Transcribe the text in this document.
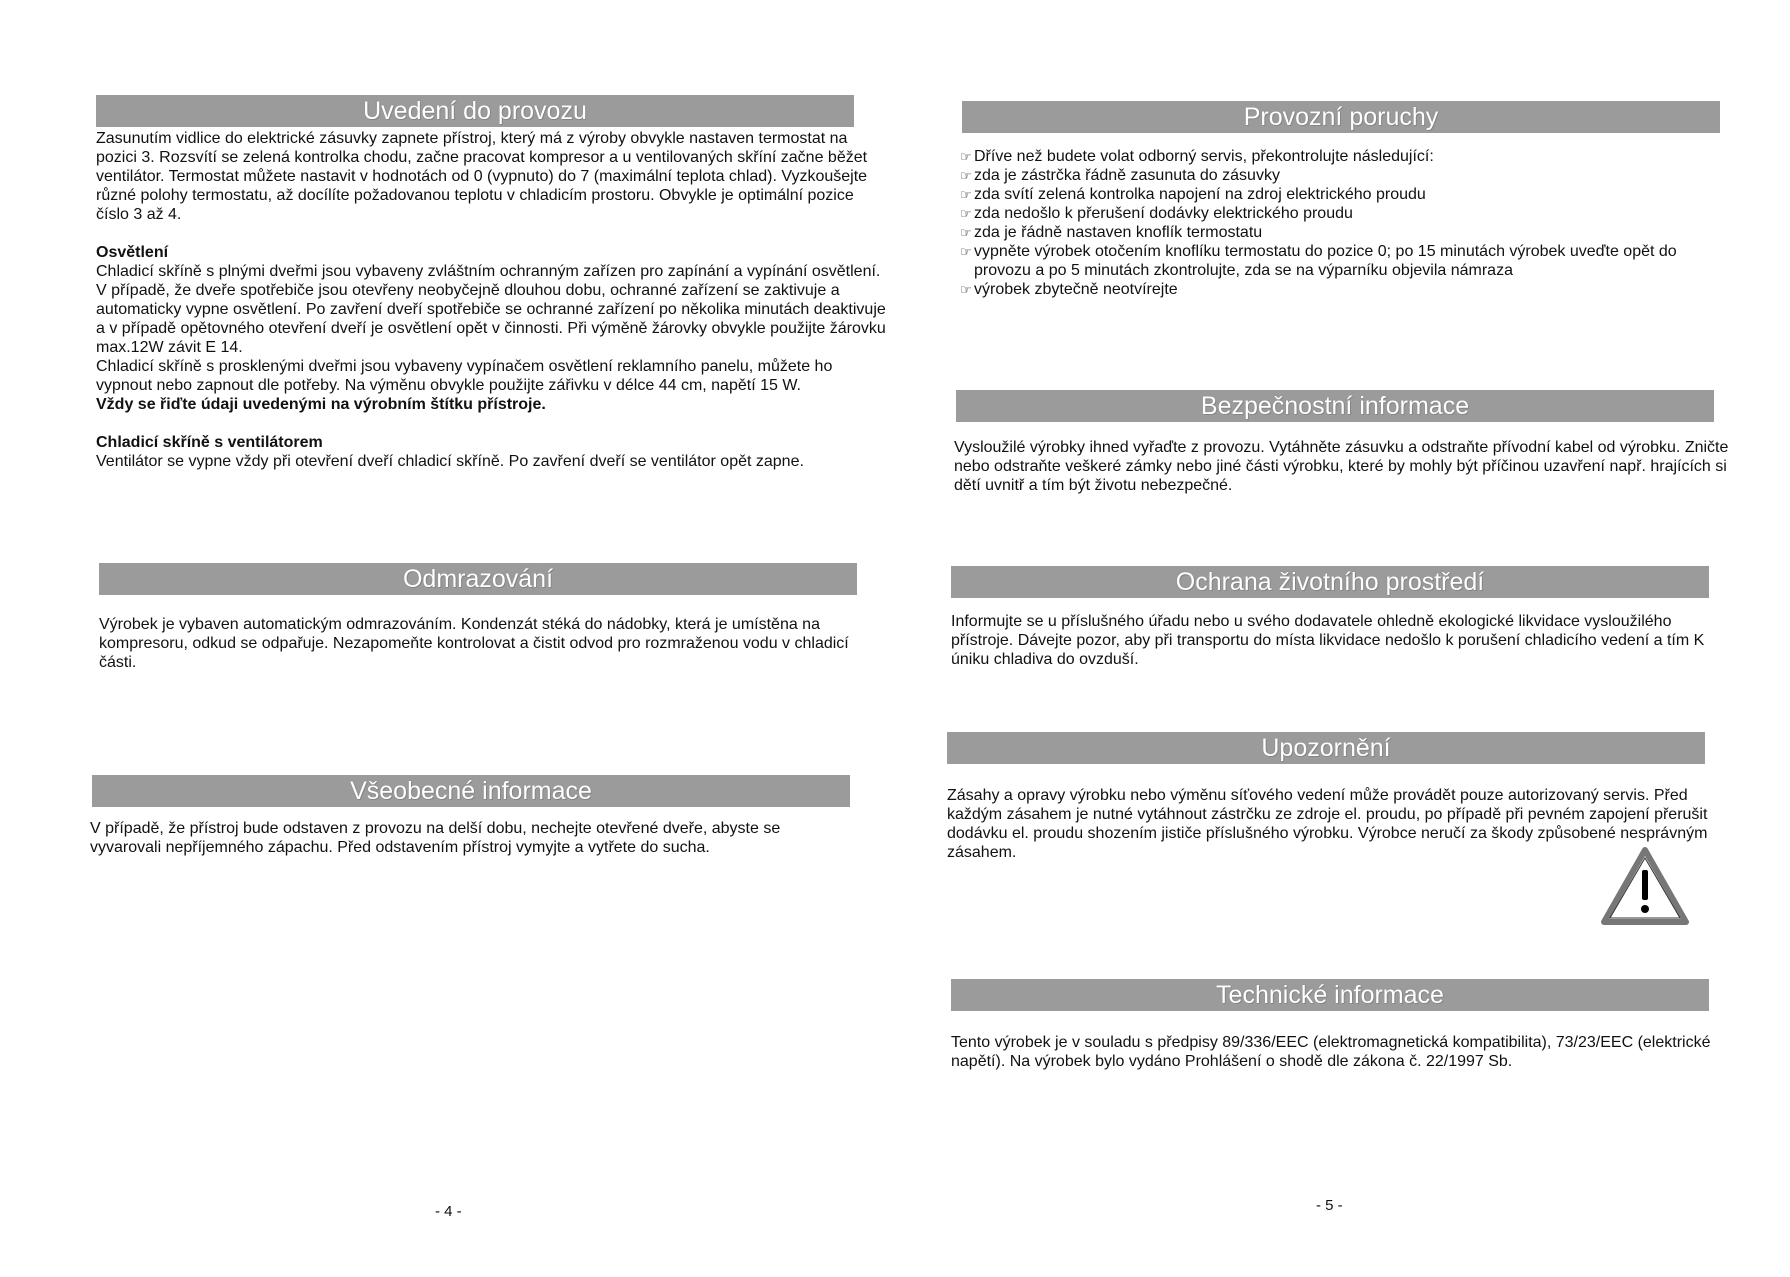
Uvedení do provozu

Zasunutím vidlice do elektrické zásuvky zapnete přístroj, který má z výroby obvykle nastaven termostat na pozici 3. Rozsvítí se zelená kontrolka chodu, začne pracovat kompresor a u ventilovaných skříní začne běžet ventilátor. Termostat můžete nastavit v hodnotách od 0 (vypnuto) do 7 (maximální teplota chlad). Vyzkoušejte různé polohy termostatu, až docílíte požadovanou teplotu v chladicím prostoru. Obvykle je optimální pozice číslo 3 až 4.

Osvětlení

Chladicí skříně s plnými dveřmi jsou vybaveny zvláštním ochranným zařízen pro zapínání a vypínání osvětlení. V případě, že dveře spotřebiče jsou otevřeny neobyčejně dlouhou dobu, ochranné zařízení se zaktivuje a automaticky vypne osvětlení. Po zavření dveří spotřebiče se ochranné zařízení po několika minutách deaktivuje a v případě opětovného otevření dveří je osvětlení opět v činnosti. Při výměně žárovky obvykle použijte žárovku max.12W závit E 14.

Chladicí skříně s prosklenými dveřmi jsou vybaveny vypínačem osvětlení reklamního panelu, můžete ho vypnout nebo zapnout dle potřeby. Na výměnu obvykle použijte zářivku v délce 44 cm, napětí 15 W.

Vždy se řiďte údaji uvedenými na výrobním štítku přístroje.

Chladicí skříně s ventilátorem

Ventilátor se vypne vždy při otevření dveří chladicí skříně. Po zavření dveří se ventilátor opět zapne.

Odmrazování

Výrobek je vybaven automatickým odmrazováním. Kondenzát stéká do nádobky, která je umístěna na kompresoru, odkud se odpařuje. Nezapomeňte kontrolovat a čistit odvod pro rozmraženou vodu v chladicí části.

Všeobecné informace

V případě, že přístroj bude odstaven z provozu na delší dobu, nechejte otevřené dveře, abyste se vyvarovali nepříjemného zápachu. Před odstavením přístroj vymyjte a vytřete do sucha.

- 4 -
Provozní poruchy
☞ Dříve než budete volat odborný servis, překontrolujte následující:
☞ zda je zástrčka řádně zasunuta do zásuvky
☞ zda svítí zelená kontrolka napojení na zdroj elektrického proudu
☞ zda nedošlo k přerušení dodávky elektrického proudu
☞ zda je řádně nastaven knoflík termostatu
☞ vypněte výrobek otočením knoflíku termostatu do pozice 0; po 15 minutách výrobek uveďte opět do provozu a po 5 minutách zkontrolujte, zda se na výparníku objevila námraza
☞ výrobek zbytečně neotvírejte
Bezpečnostní informace

Vysloužilé výrobky ihned vyřaďte z provozu. Vytáhněte zásuvku a odstraňte přívodní kabel od výrobku. Zničte nebo odstraňte veškeré zámky nebo jiné části výrobku, které by mohly být příčinou uzavření např. hrajících si dětí uvnitř a tím být životu nebezpečné.

Ochrana životního prostředí

Informujte se u příslušného úřadu nebo u svého dodavatele ohledně ekologické likvidace vysloužilého přístroje. Dávejte pozor, aby při transportu do místa likvidace nedošlo k porušení chladicího vedení a tím K úniku chladiva do ovzduší.

Upozornění

Zásahy a opravy výrobku nebo výměnu síťového vedení může provádět pouze autorizovaný servis. Před každým zásahem je nutné vytáhnout zástrčku ze zdroje el. proudu, po případě při pevném zapojení přerušit dodávku el. proudu shozením jističe příslušného výrobku. Výrobce neručí za škody způsobené nesprávným zásahem.

Technické informace

Tento výrobek je v souladu s předpisy 89/336/EEC (elektromagnetická kompatibilita), 73/23/EEC (elektrické napětí). Na výrobek bylo vydáno Prohlášení o shodě dle zákona č. 22/1997 Sb.

- 5 -
